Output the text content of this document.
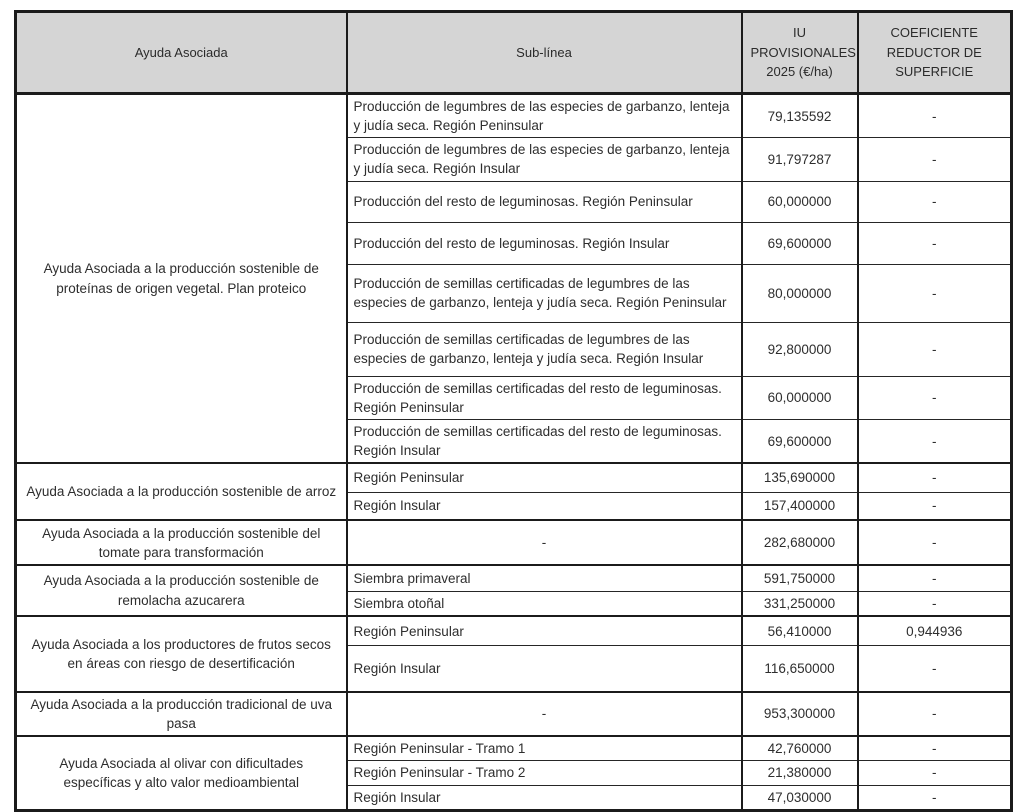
Ayuda Asociada	Sub-línea	IU PROVISIONALES 2025 (€/ha)	COEFICIENTE REDUCTOR DE SUPERFICIE
Ayuda Asociada a la producción sostenible de proteínas de origen vegetal. Plan proteico	Producción de legumbres de las especies de garbanzo, lenteja y judía seca. Región Peninsular	79,135592	-
	Producción de legumbres de las especies de garbanzo, lenteja y judía seca. Región Insular	91,797287	-
	Producción del resto de leguminosas. Región Peninsular	60,000000	-
	Producción del resto de leguminosas. Región Insular	69,600000	-
	Producción de semillas certificadas de legumbres de las especies de garbanzo, lenteja y judía seca. Región Peninsular	80,000000	-
	Producción de semillas certificadas de legumbres de las especies de garbanzo, lenteja y judía seca. Región Insular	92,800000	-
	Producción de semillas certificadas del resto de leguminosas. Región Peninsular	60,000000	-
	Producción de semillas certificadas del resto de leguminosas. Región Insular	69,600000	-
Ayuda Asociada a la producción sostenible de arroz	Región Peninsular	135,690000	-
	Región Insular	157,400000	-
Ayuda Asociada a la producción sostenible del tomate para transformación	-	282,680000	-
Ayuda Asociada a la producción sostenible de remolacha azucarera	Siembra primaveral	591,750000	-
	Siembra otoñal	331,250000	-
Ayuda Asociada a los productores de frutos secos en áreas con riesgo de desertificación	Región Peninsular	56,410000	0,944936
	Región Insular	116,650000	-
Ayuda Asociada a la producción tradicional de uva pasa	-	953,300000	-
Ayuda Asociada al olivar con dificultades específicas y alto valor medioambiental	Región Peninsular - Tramo 1	42,760000	-
	Región Peninsular - Tramo 2	21,380000	-
	Región Insular	47,030000	-
